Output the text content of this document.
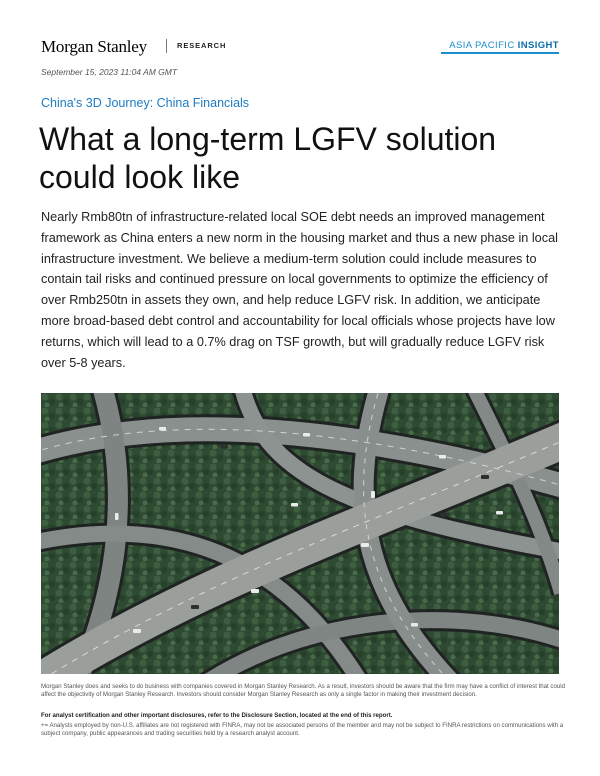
Morgan Stanley	RESEARCH	ASIA PACIFIC INSIGHT
September 15, 2023 11:04 AM GMT
China's 3D Journey: China Financials
What a long-term LGFV solution could look like

Nearly Rmb80tn of infrastructure-related local SOE debt needs an improved management framework as China enters a new norm in the housing market and thus a new phase in local infrastructure investment. We believe a medium-term solution could include measures to contain tail risks and continued pressure on local governments to optimize the efficiency of over Rmb250tn in assets they own, and help reduce LGFV risk. In addition, we anticipate more broad-based debt control and accountability for local officials whose projects have low returns, which will lead to a 0.7% drag on TSF growth, but will gradually reduce LGFV risk over 5-8 years.

Morgan Stanley does and seeks to do business with companies covered in Morgan Stanley Research. As a result, investors should be aware that the firm may have a conflict of interest that could affect the objectivity of Morgan Stanley Research. Investors should consider Morgan Stanley Research as only a single factor in making their investment decision.

For analyst certification and other important disclosures, refer to the Disclosure Section, located at the end of this report.

+= Analysts employed by non-U.S. affiliates are not registered with FINRA, may not be associated persons of the member and may not be subject to FINRA restrictions on communications with a subject company, public appearances and trading securities held by a research analyst account.
